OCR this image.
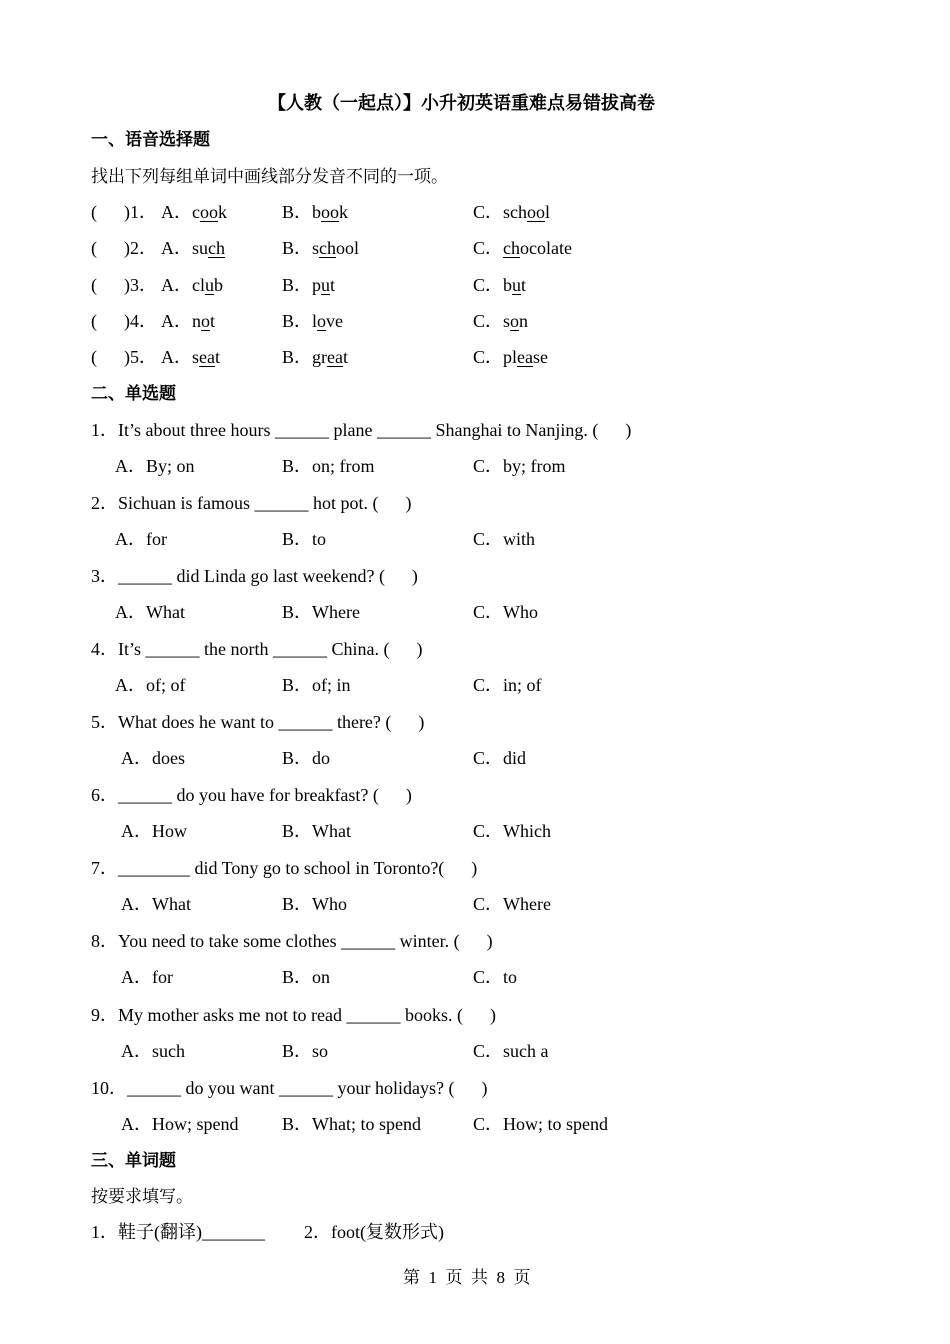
【人教（一起点）】小升初英语重难点易错拔高卷
一、语音选择题
找出下列每组单词中画线部分发音不同的一项。
(      )1． A．cook	B．book	C．school
(      )2． A．such	B．school	C．chocolate
(      )3． A．club	B．put	C．but
(      )4． A．not	B．love	C．son
(      )5． A．seat	B．great	C．please
二、单选题
1．It’s about three hours ______ plane ______ Shanghai to Nanjing. (      )
A．By; on	B．on; from	C．by; from
2．Sichuan is famous ______ hot pot. (      )
A．for	B．to	C．with
3．______ did Linda go last weekend? (      )
A．What	B．Where	C．Who
4．It’s ______ the north ______ China. (      )
A．of; of	B．of; in	C．in; of
5．What does he want to ______ there? (      )
A．does	B．do	C．did
6．______ do you have for breakfast? (      )
A．How	B．What	C．Which
7．________ did Tony go to school in Toronto?(      )
A．What	B．Who	C．Where
8．You need to take some clothes ______ winter. (      )
A．for	B．on	C．to
9．My mother asks me not to read ______ books. (      )
A．such	B．so	C．such a
10．______ do you want ______ your holidays? (      )
A．How; spend B．What; to spend	C．How; to spend
三、单词题
按要求填写。
1．鞋子(翻译)_______ 2．foot(复数形式)
第  1  页  共  8  页
